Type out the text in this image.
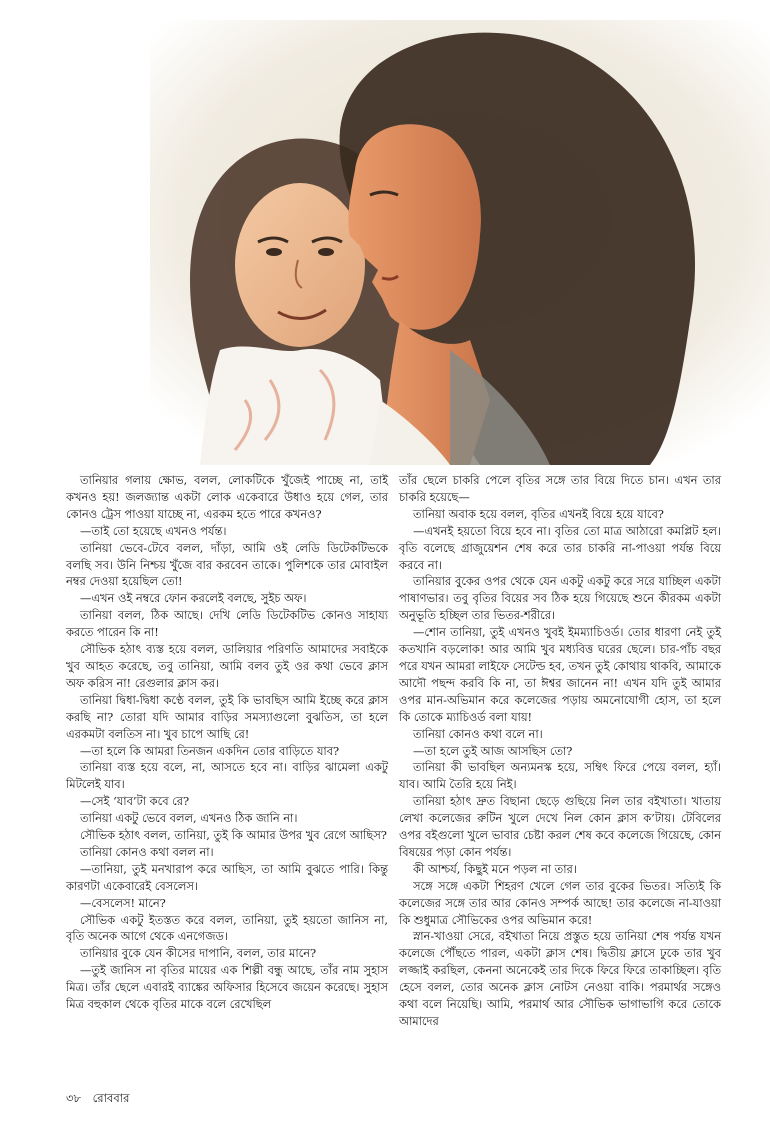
তানিয়ার গলায় ক্ষোভ, বলল, লোকটিকে খুঁজেই পাচ্ছে না, তাই কখনও হয়! জলজ্যান্ত একটা লোক একেবারে উধাও হয়ে গেল, তার কোনও ট্রেস পাওয়া যাচ্ছে না, এরকম হতে পারে কখনও?

—তাই তো হয়েছে এখনও পর্যন্ত।

তানিয়া ভেবে-টেবে বলল, দাঁড়া, আমি ওই লেডি ডিটেকটিভকে বলছি সব। উনি নিশ্চয় খুঁজে বার করবেন তাকে। পুলিশকে তার মোবাইল নম্বর দেওয়া হয়েছিল তো!

—এখন ওই নম্বরে ফোন করলেই বলছে, সুইচ অফ।

তানিয়া বলল, ঠিক আছে। দেখি লেডি ডিটেকটিভ কোনও সাহায্য করতে পারেন কি না!

সৌভিক হঠাৎ ব্যস্ত হয়ে বলল, ডালিয়ার পরিণতি আমাদের সবাইকে খুব আহত করেছে, তবু তানিয়া, আমি বলব তুই ওর কথা ভেবে ক্লাস অফ করিস না! রেগুলার ক্লাস কর।

তানিয়া দ্বিধা-দ্বিধা কণ্ঠে বলল, তুই কি ভাবছিস আমি ইচ্ছে করে ক্লাস করছি না? তোরা যদি আমার বাড়ির সমস্যাগুলো বুঝতিস, তা হলে এরকমটা বলতিস না। খুব চাপে আছি রে!

—তা হলে কি আমরা তিনজন একদিন তোর বাড়িতে যাব?

তানিয়া ব্যস্ত হয়ে বলে, না, আসতে হবে না। বাড়ির ঝামেলা একটু মিটলেই যাব।

—সেই ‘যাব’টা কবে রে?

তানিয়া একটু ভেবে বলল, এখনও ঠিক জানি না।

সৌভিক হঠাৎ বলল, তানিয়া, তুই কি আমার উপর খুব রেগে আছিস?

তানিয়া কোনও কথা বলল না।

—তানিয়া, তুই মনখারাপ করে আছিস, তা আমি বুঝতে পারি। কিন্তু কারণটা একেবারেই বেসলেস।

—বেসলেস! মানে?

সৌভিক একটু ইতস্তত করে বলল, তানিয়া, তুই হয়তো জানিস না, বৃতি অনেক আগে থেকে এনগেজড।

তানিয়ার বুকে যেন কীসের দাপানি, বলল, তার মানে?

—তুই জানিস না বৃতির মায়ের এক শিল্পী বন্ধু আছে, তাঁর নাম সুহাস মিত্র। তাঁর ছেলে এবারই ব্যাঙ্কের অফিসার হিসেবে জয়েন করেছে। সুহাস মিত্র বহুকাল থেকে বৃতির মাকে বলে রেখেছিল

তাঁর ছেলে চাকরি পেলে বৃতির সঙ্গে তার বিয়ে দিতে চান। এখন তার চাকরি হয়েছে—

তানিয়া অবাক হয়ে বলল, বৃতির এখনই বিয়ে হয়ে যাবে?

—এখনই হয়তো বিয়ে হবে না। বৃতির তো মাত্র আঠারো কমপ্লিট হল। বৃতি বলেছে গ্রাজুয়েশন শেষ করে তার চাকরি না-পাওয়া পর্যন্ত বিয়ে করবে না।

তানিয়ার বুকের ওপর থেকে যেন একটু একটু করে সরে যাচ্ছিল একটা পাষাণভার। তবু বৃতির বিয়ের সব ঠিক হয়ে গিয়েছে শুনে কীরকম একটা অনুভূতি হচ্ছিল তার ভিতর-শরীরে।

—শোন তানিয়া, তুই এখনও খুবই ইমম্যাচিওর্ড। তোর ধারণা নেই তুই কতখানি বড়লোক! আর আমি খুব মধ্যবিত্ত ঘরের ছেলে। চার-পাঁচ বছর পরে যখন আমরা লাইফে সেটেল্ড হব, তখন তুই কোথায় থাকবি, আমাকে আদৌ পছন্দ করবি কি না, তা ঈশ্বর জানেন না! এখন যদি তুই আমার ওপর মান-অভিমান করে কলেজের পড়ায় অমনোযোগী হোস, তা হলে কি তোকে ম্যাচিওর্ড বলা যায়!

তানিয়া কোনও কথা বলে না।

—তা হলে তুই আজ আসছিস তো?

তানিয়া কী ভাবছিল অন্যমনস্ক হয়ে, সম্বিৎ ফিরে পেয়ে বলল, হ্যাঁ। যাব। আমি তৈরি হয়ে নিই।

তানিয়া হঠাৎ দ্রুত বিছানা ছেড়ে গুছিয়ে নিল তার বইখাতা। খাতায় লেখা কলেজের রুটিন খুলে দেখে নিল কোন ক্লাস ক’টায়। টেবিলের ওপর বইগুলো খুলে ভাবার চেষ্টা করল শেষ কবে কলেজে গিয়েছে, কোন বিষয়ের পড়া কোন পর্যন্ত।

কী আশ্চর্য, কিছুই মনে পড়ল না তার।

সঙ্গে সঙ্গে একটা শিহরণ খেলে গেল তার বুকের ভিতর। সত্যিই কি কলেজের সঙ্গে তার আর কোনও সম্পর্ক আছে! তার কলেজে না-যাওয়া কি শুধুমাত্র সৌভিকের ওপর অভিমান করে!

স্নান-খাওয়া সেরে, বইখাতা নিয়ে প্রস্তুত হয়ে তানিয়া শেষ পর্যন্ত যখন কলেজে পৌঁছতে পারল, একটা ক্লাস শেষ। দ্বিতীয় ক্লাসে ঢুকে তার খুব লজ্জাই করছিল, কেননা অনেকেই তার দিকে ফিরে ফিরে তাকাচ্ছিল। বৃতি হেসে বলল, তোর অনেক ক্লাস নোটস নেওয়া বাকি। পরমার্থর সঙ্গেও কথা বলে নিয়েছি। আমি, পরমার্থ আর সৌভিক ভাগাভাগি করে তোকে আমাদের

৩৮ রোববার
